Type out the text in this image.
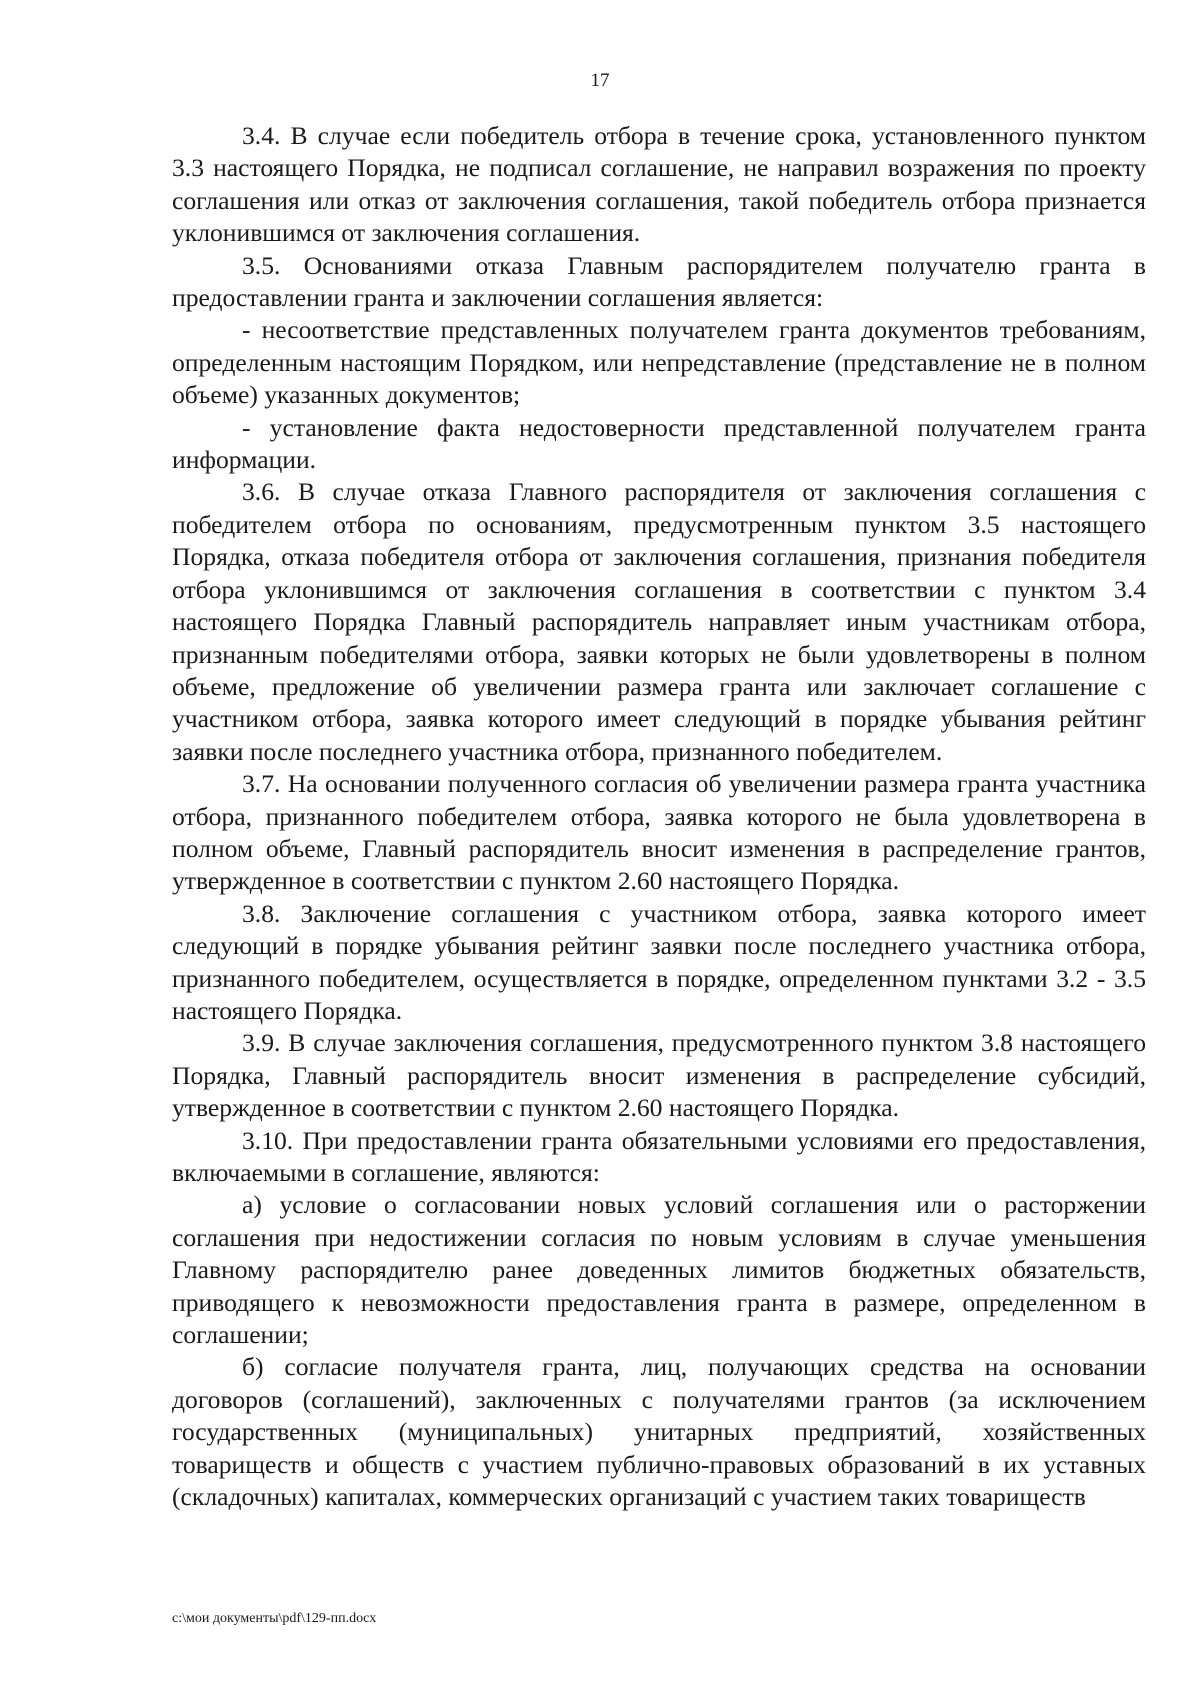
17

3.4. В случае если победитель отбора в течение срока, установленного пунктом 3.3 настоящего Порядка, не подписал соглашение, не направил возражения по проекту соглашения или отказ от заключения соглашения, такой победитель отбора признается уклонившимся от заключения соглашения.

3.5. Основаниями отказа Главным распорядителем получателю гранта в предоставлении гранта и заключении соглашения является:

- несоответствие представленных получателем гранта документов требованиям, определенным настоящим Порядком, или непредставление (представление не в полном объеме) указанных документов;

- установление факта недостоверности представленной получателем гранта информации.

3.6. В случае отказа Главного распорядителя от заключения соглашения с победителем отбора по основаниям, предусмотренным пунктом 3.5 настоящего Порядка, отказа победителя отбора от заключения соглашения, признания победителя отбора уклонившимся от заключения соглашения в соответствии с пунктом 3.4 настоящего Порядка Главный распорядитель направляет иным участникам отбора, признанным победителями отбора, заявки которых не были удовлетворены в полном объеме, предложение об увеличении размера гранта или заключает соглашение с участником отбора, заявка которого имеет следующий в порядке убывания рейтинг заявки после последнего участника отбора, признанного победителем.

3.7. На основании полученного согласия об увеличении размера гранта участника отбора, признанного победителем отбора, заявка которого не была удовлетворена в полном объеме, Главный распорядитель вносит изменения в распределение грантов, утвержденное в соответствии с пунктом 2.60 настоящего Порядка.

3.8. Заключение соглашения с участником отбора, заявка которого имеет следующий в порядке убывания рейтинг заявки после последнего участника отбора, признанного победителем, осуществляется в порядке, определенном пунктами 3.2 - 3.5 настоящего Порядка.

3.9. В случае заключения соглашения, предусмотренного пунктом 3.8 настоящего Порядка, Главный распорядитель вносит изменения в распределение субсидий, утвержденное в соответствии с пунктом 2.60 настоящего Порядка.

3.10. При предоставлении гранта обязательными условиями его предоставления, включаемыми в соглашение, являются:

а) условие о согласовании новых условий соглашения или о расторжении соглашения при недостижении согласия по новым условиям в случае уменьшения Главному распорядителю ранее доведенных лимитов бюджетных обязательств, приводящего к невозможности предоставления гранта в размере, определенном в соглашении;

б) согласие получателя гранта, лиц, получающих средства на основании договоров (соглашений), заключенных с получателями грантов (за исключением государственных (муниципальных) унитарных предприятий, хозяйственных товариществ и обществ с участием публично-правовых образований в их уставных (складочных) капиталах, коммерческих организаций с участием таких товариществ

c:\мои документы\pdf\129-пп.docx
